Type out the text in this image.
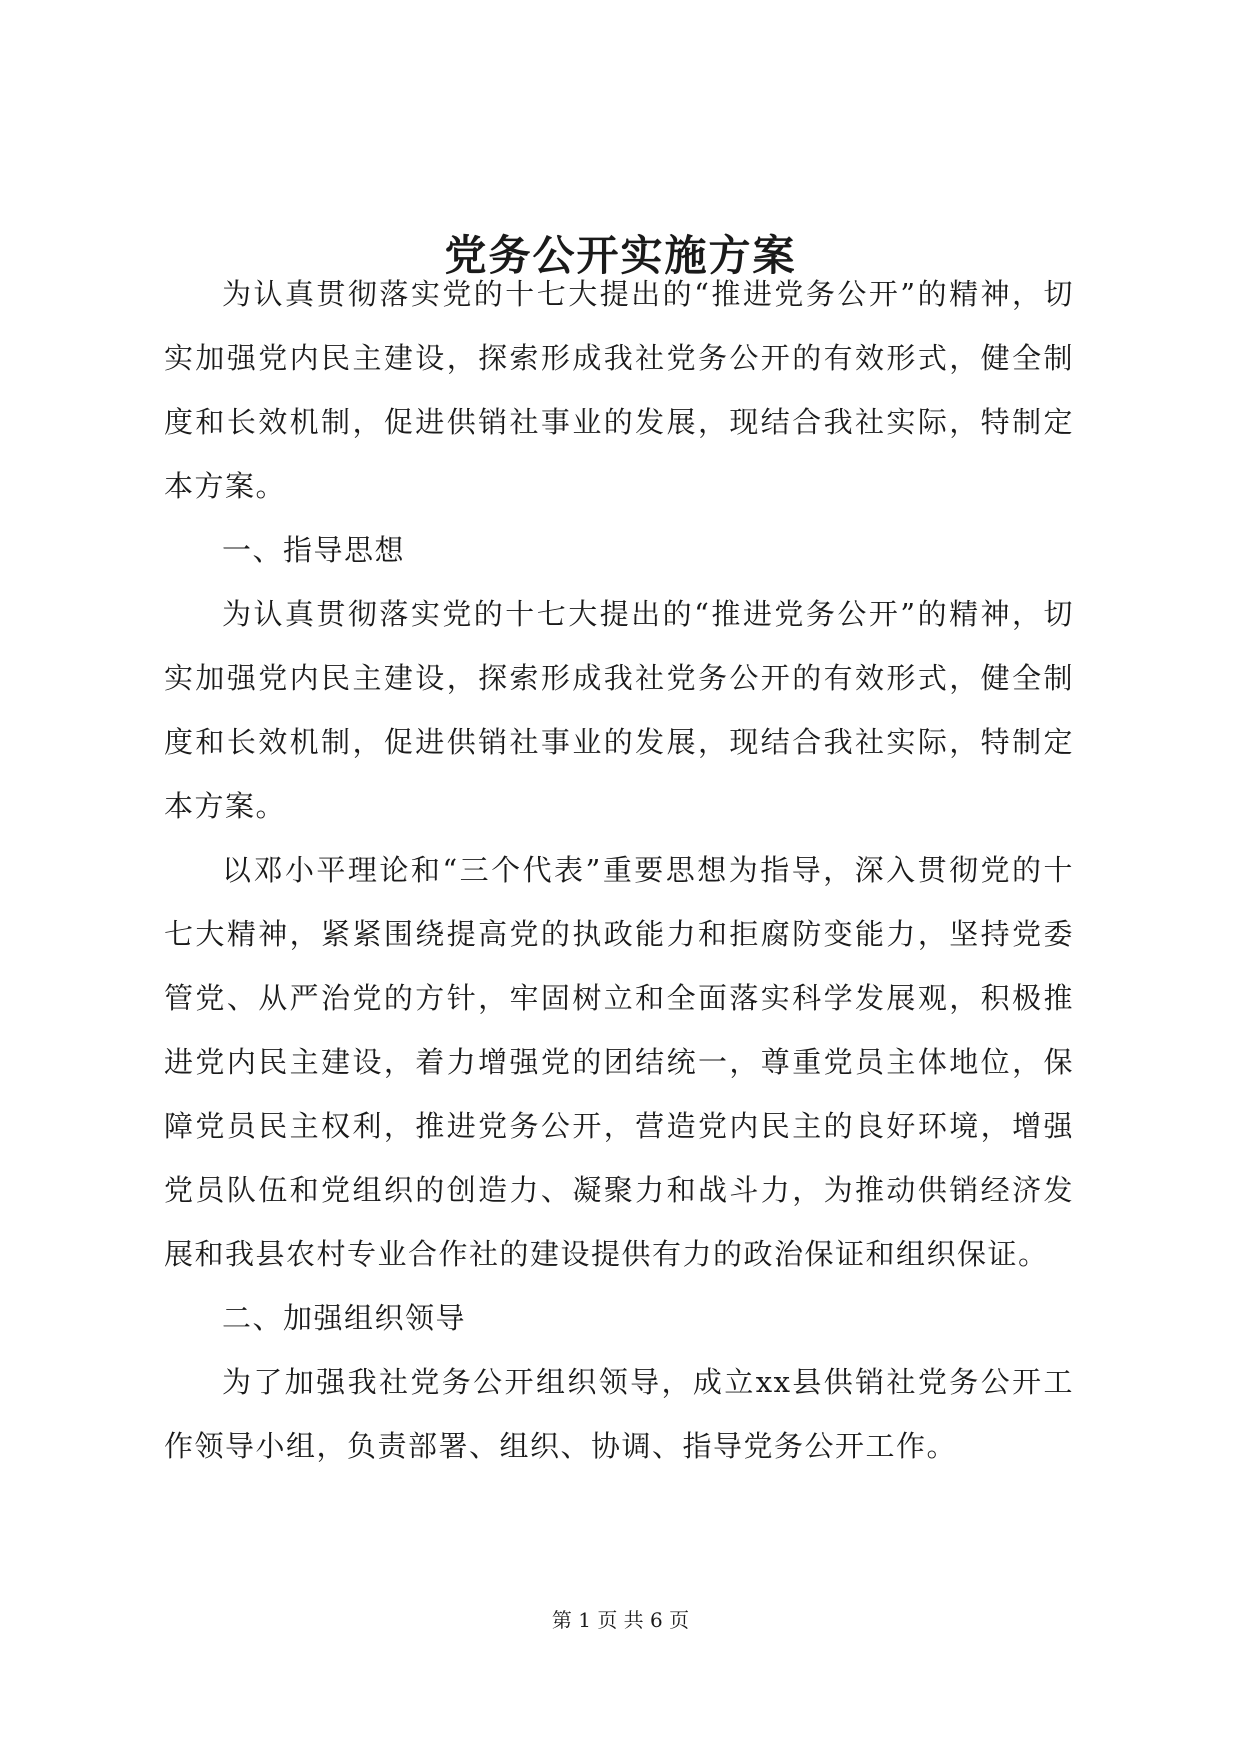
党务公开实施方案

为认真贯彻落实党的十七大提出的“推进党务公开”的精神，切实加强党内民主建设，探索形成我社党务公开的有效形式，健全制度和长效机制，促进供销社事业的发展，现结合我社实际，特制定本方案。

一、指导思想

为认真贯彻落实党的十七大提出的“推进党务公开”的精神，切实加强党内民主建设，探索形成我社党务公开的有效形式，健全制度和长效机制，促进供销社事业的发展，现结合我社实际，特制定本方案。

以邓小平理论和“三个代表”重要思想为指导，深入贯彻党的十七大精神，紧紧围绕提高党的执政能力和拒腐防变能力，坚持党委管党、从严治党的方针，牢固树立和全面落实科学发展观，积极推进党内民主建设，着力增强党的团结统一，尊重党员主体地位，保障党员民主权利，推进党务公开，营造党内民主的良好环境，增强党员队伍和党组织的创造力、凝聚力和战斗力，为推动供销经济发展和我县农村专业合作社的建设提供有力的政治保证和组织保证。

二、加强组织领导

为了加强我社党务公开组织领导，成立xx县供销社党务公开工作领导小组，负责部署、组织、协调、指导党务公开工作。

第 1 页 共 6 页
